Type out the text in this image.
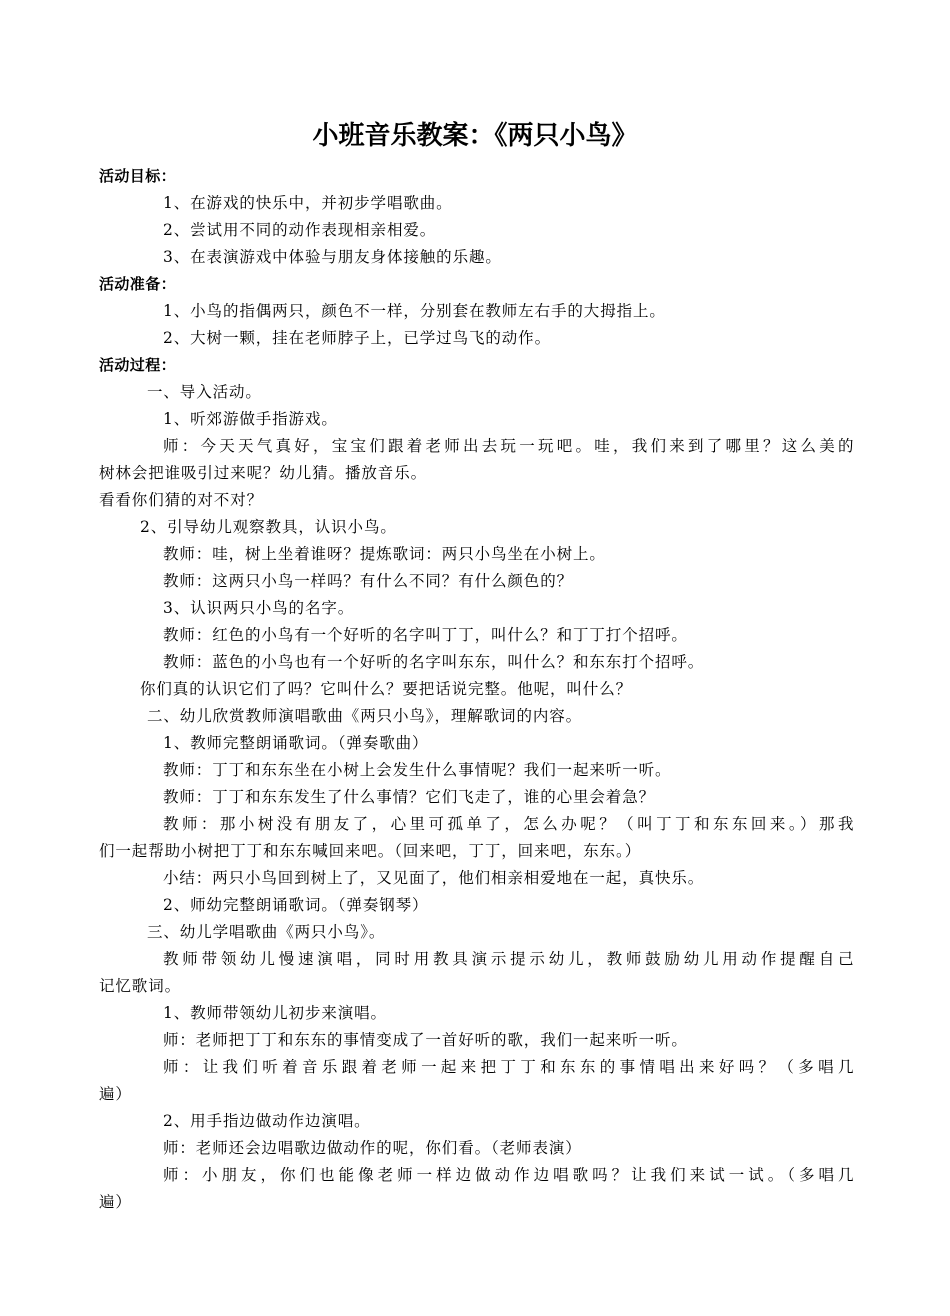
小班音乐教案：《两只小鸟》
活动目标：
1、在游戏的快乐中，并初步学唱歌曲。
2、尝试用不同的动作表现相亲相爱。
3、在表演游戏中体验与朋友身体接触的乐趣。
活动准备：
1、小鸟的指偶两只，颜色不一样，分别套在教师左右手的大拇指上。
2、大树一颗，挂在老师脖子上，已学过鸟飞的动作。
活动过程：
一、导入活动。
1、听郊游做手指游戏。
师：今天天气真好，宝宝们跟着老师出去玩一玩吧。哇，我们来到了哪里？这么美的
树林会把谁吸引过来呢？幼儿猜。播放音乐。
看看你们猜的对不对？
2、引导幼儿观察教具，认识小鸟。
教师：哇，树上坐着谁呀？提炼歌词：两只小鸟坐在小树上。
教师：这两只小鸟一样吗？有什么不同？有什么颜色的？
3、认识两只小鸟的名字。
教师：红色的小鸟有一个好听的名字叫丁丁，叫什么？和丁丁打个招呼。
教师：蓝色的小鸟也有一个好听的名字叫东东，叫什么？和东东打个招呼。
你们真的认识它们了吗？它叫什么？要把话说完整。他呢，叫什么？
二、幼儿欣赏教师演唱歌曲《两只小鸟》，理解歌词的内容。
1、教师完整朗诵歌词。（弹奏歌曲）
教师：丁丁和东东坐在小树上会发生什么事情呢？我们一起来听一听。
教师：丁丁和东东发生了什么事情？它们飞走了，谁的心里会着急？
教师：那小树没有朋友了，心里可孤单了，怎么办呢？（叫丁丁和东东回来。）那我
们一起帮助小树把丁丁和东东喊回来吧。（回来吧，丁丁，回来吧，东东。）
小结：两只小鸟回到树上了，又见面了，他们相亲相爱地在一起，真快乐。
2、师幼完整朗诵歌词。（弹奏钢琴）
三、幼儿学唱歌曲《两只小鸟》。
教师带领幼儿慢速演唱，同时用教具演示提示幼儿，教师鼓励幼儿用动作提醒自己
记忆歌词。
1、教师带领幼儿初步来演唱。
师：老师把丁丁和东东的事情变成了一首好听的歌，我们一起来听一听。
师：让我们听着音乐跟着老师一起来把丁丁和东东的事情唱出来好吗？（多唱几
遍）
2、用手指边做动作边演唱。
师：老师还会边唱歌边做动作的呢，你们看。（老师表演）
师：小朋友，你们也能像老师一样边做动作边唱歌吗？让我们来试一试。（多唱几
遍）
